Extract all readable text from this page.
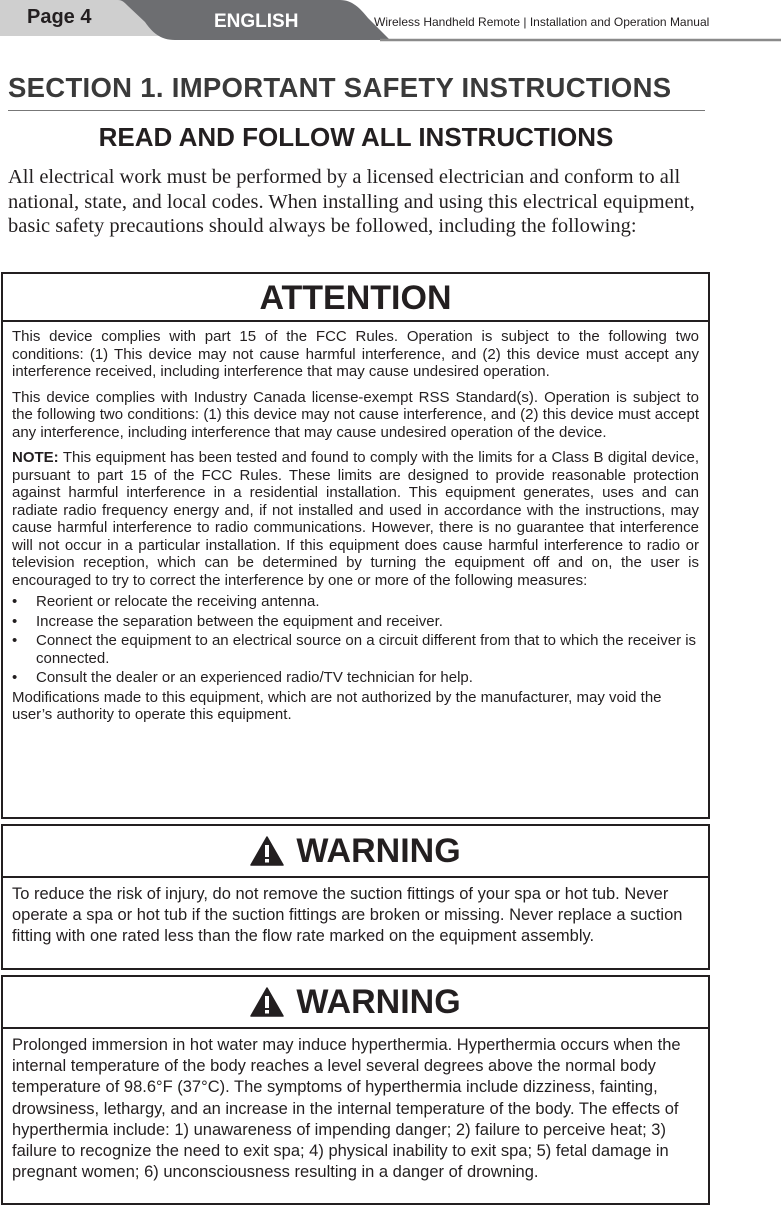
Page 4	ENGLISH	Wireless Handheld Remote | Installation and Operation Manual
SECTION 1. IMPORTANT SAFETY INSTRUCTIONS
READ AND FOLLOW ALL INSTRUCTIONS

All electrical work must be performed by a licensed electrician and conform to all national, state, and local codes. When installing and using this electrical equipment, basic safety precautions should always be followed, including the following:

ATTENTION

This device complies with part 15 of the FCC Rules. Operation is subject to the following two conditions: (1) This device may not cause harmful interference, and (2) this device must accept any interference received, including interference that may cause undesired operation.

This device complies with Industry Canada license-exempt RSS Standard(s). Operation is subject to the following two conditions: (1) this device may not cause interference, and (2) this device must accept any interference, including interference that may cause undesired operation of the device.

NOTE: This equipment has been tested and found to comply with the limits for a Class B digital device, pursuant to part 15 of the FCC Rules. These limits are designed to provide reasonable protection against harmful interference in a residential installation. This equipment generates, uses and can radiate radio frequency energy and, if not installed and used in accordance with the instructions, may cause harmful interference to radio communications. However, there is no guarantee that interference will not occur in a particular installation. If this equipment does cause harmful interference to radio or television reception, which can be determined by turning the equipment off and on, the user is encouraged to try to correct the interference by one or more of the following measures:

• Reorient or relocate the receiving antenna.
• Increase the separation between the equipment and receiver.
• Connect the equipment to an electrical source on a circuit different from that to which the receiver is connected.
• Consult the dealer or an experienced radio/TV technician for help.

Modifications made to this equipment, which are not authorized by the manufacturer, may void the user’s authority to operate this equipment.

WARNING

To reduce the risk of injury, do not remove the suction fittings of your spa or hot tub. Never operate a spa or hot tub if the suction fittings are broken or missing. Never replace a suction fitting with one rated less than the flow rate marked on the equipment assembly.

WARNING

Prolonged immersion in hot water may induce hyperthermia. Hyperthermia occurs when the internal temperature of the body reaches a level several degrees above the normal body temperature of 98.6°F (37°C). The symptoms of hyperthermia include dizziness, fainting, drowsiness, lethargy, and an increase in the internal temperature of the body. The effects of hyperthermia include: 1) unawareness of impending danger; 2) failure to perceive heat; 3) failure to recognize the need to exit spa; 4) physical inability to exit spa; 5) fetal damage in pregnant women; 6) unconsciousness resulting in a danger of drowning.
